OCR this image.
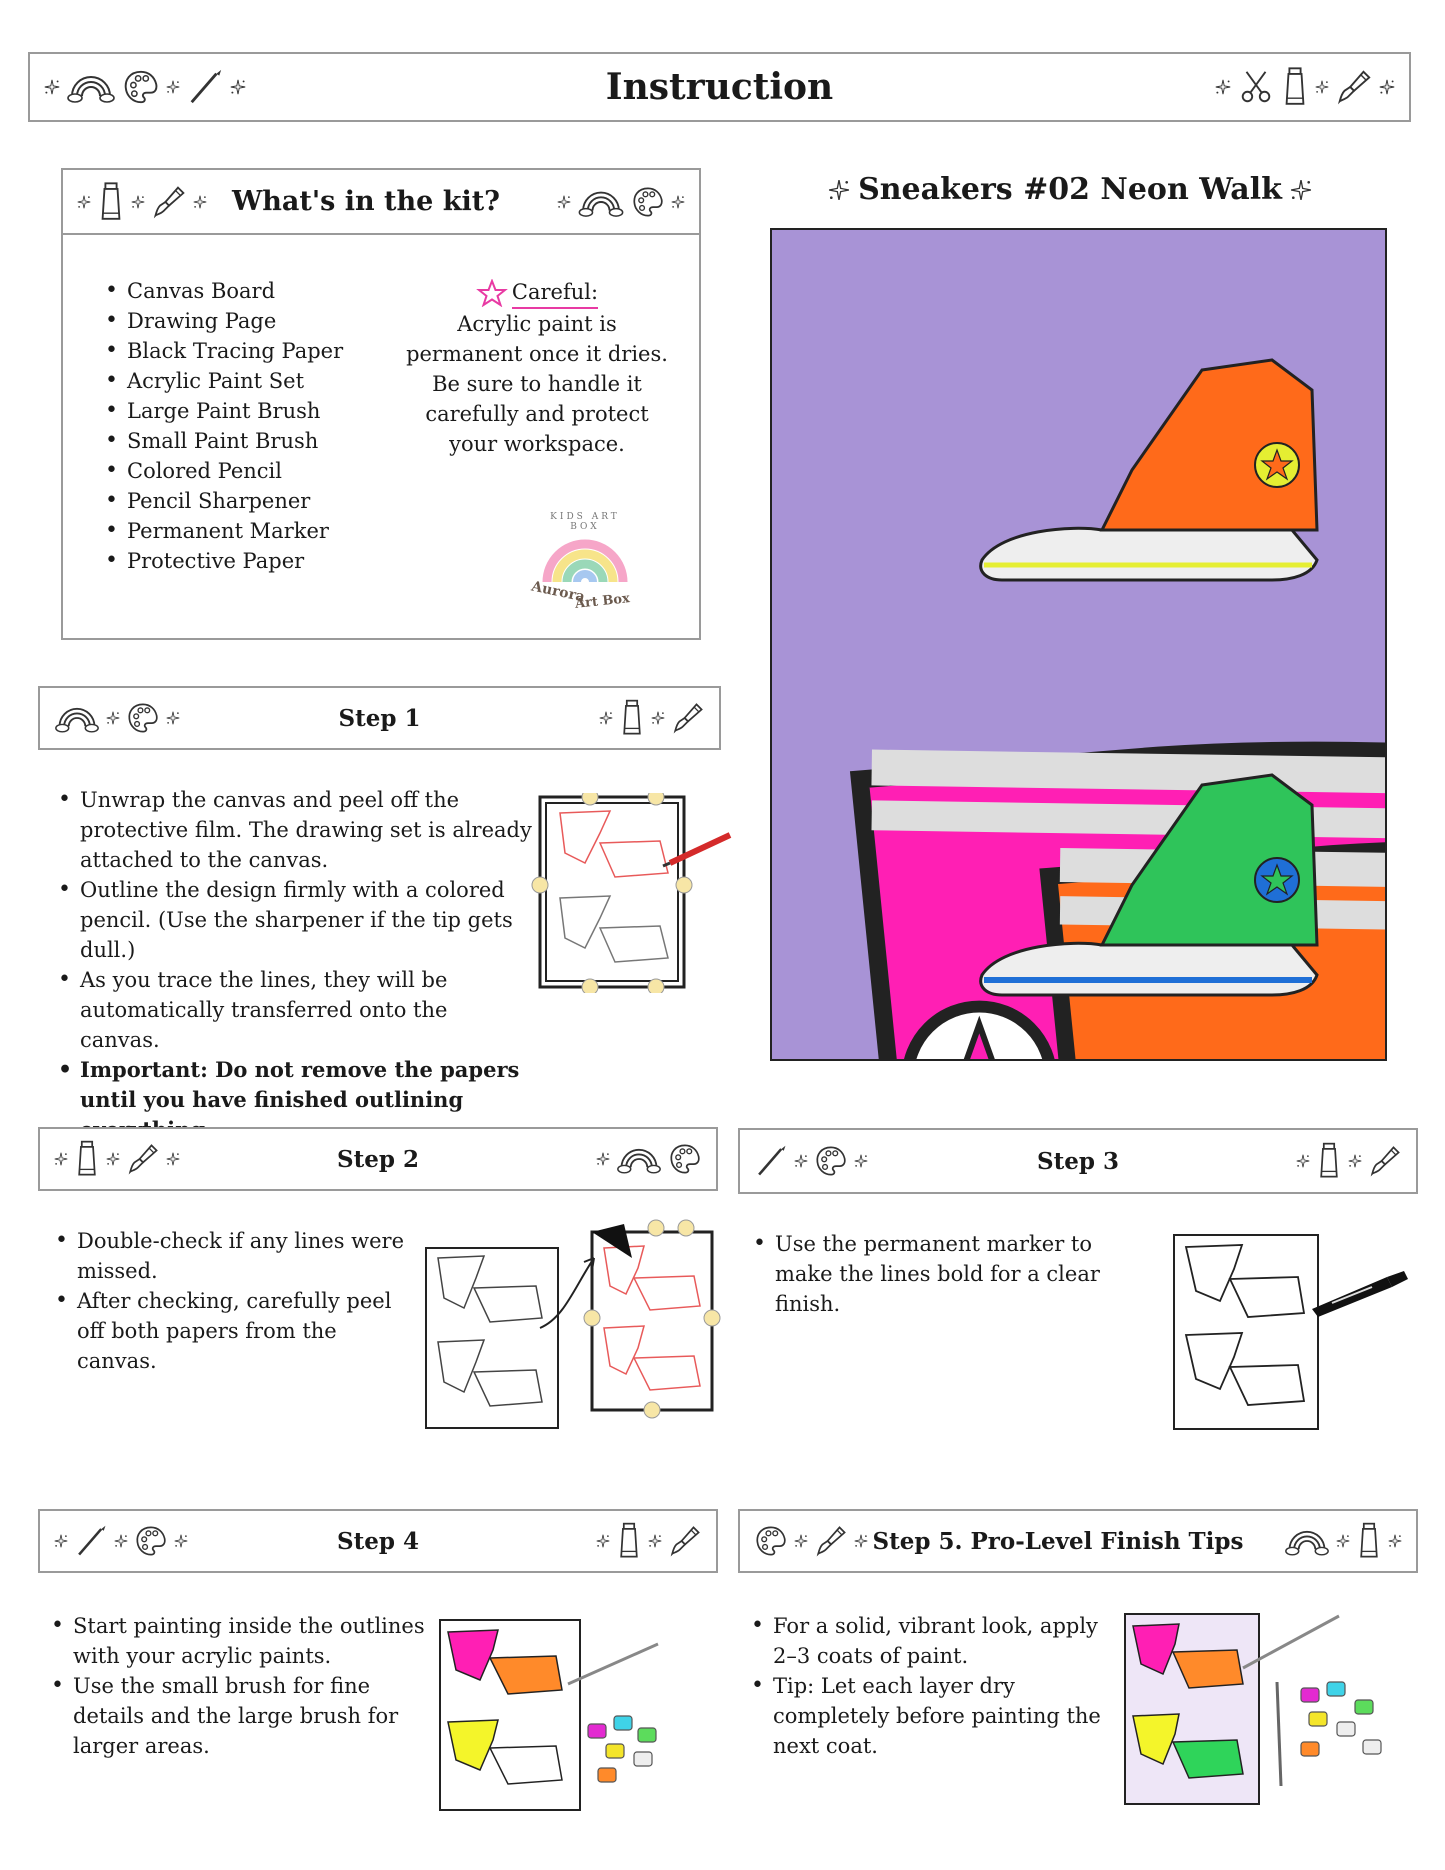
Instruction
What's in the kit?
• Canvas Board
• Drawing Page
• Black Tracing Paper
• Acrylic Paint Set
• Large Paint Brush
• Small Paint Brush
• Colored Pencil
• Pencil Sharpener
• Permanent Marker
• Protective Paper
Careful:
Acrylic paint is permanent once it dries. Be sure to handle it carefully and protect your workspace.
KIDS ART BOX
Aurora
Art Box
Sneakers #02 Neon Walk
Step 1
• Unwrap the canvas and peel off the protective film. The drawing set is already attached to the canvas.
• Outline the design firmly with a colored pencil. (Use the sharpener if the tip gets dull.)
• As you trace the lines, they will be automatically transferred onto the canvas.
• Important: Do not remove the papers until you have finished outlining
Step 2
• Double-check if any lines were missed.
• After checking, carefully peel off both papers from the canvas.
Step 3
• Use the permanent marker to make the lines bold for a clear finish.
Step 4
• Start painting inside the outlines with your acrylic paints.
• Use the small brush for fine details and the large brush for larger areas.
Step 5. Pro-Level Finish Tips
• For a solid, vibrant look, apply 2–3 coats of paint.
• Tip: Let each layer dry completely before painting the next coat.
